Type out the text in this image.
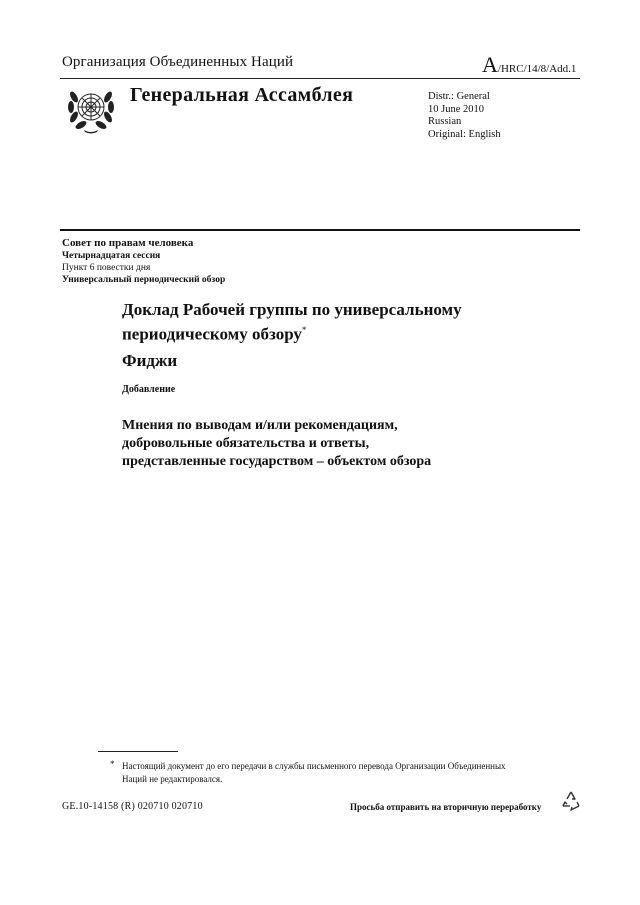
Организация Объединенных Наций	A/HRC/14/8/Add.1
Генеральная Ассамблея	Distr.: General
10 June 2010
Russian
Original: English
Совет по правам человека
Четырнадцатая сессия
Пункт 6 повестки дня
Универсальный периодический обзор
Доклад Рабочей группы по универсальному периодическому обзору*
Фиджи
Добавление
Мнения по выводам и/или рекомендациям,
добровольные обязательства и ответы,
представленные государством – объектом обзора
* Настоящий документ до его передачи в службы письменного перевода Организации Объединенных Наций не редактировался.
GE.10-14158 (R) 020710 020710	Просьба отправить на вторичную переработку
